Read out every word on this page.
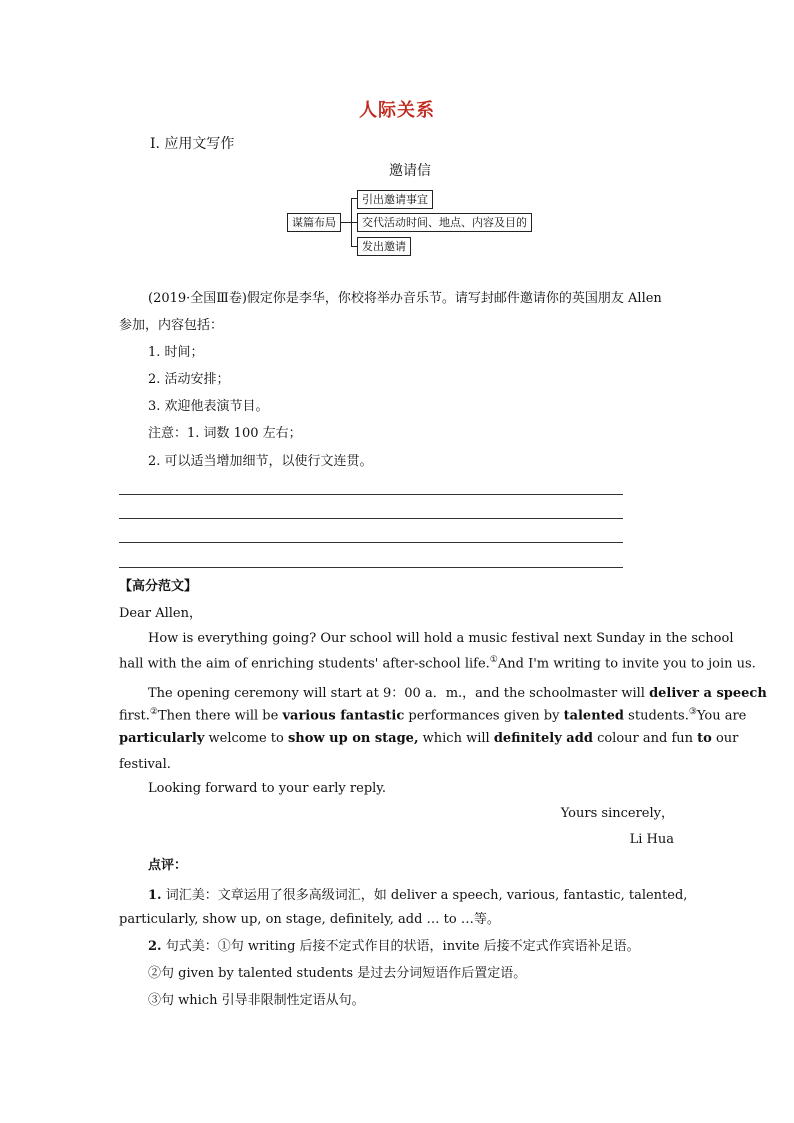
人际关系
Ⅰ. 应用文写作
邀请信
谋篇布局
引出邀请事宜
交代活动时间、地点、内容及目的
发出邀请
(2019·全国Ⅲ卷)假定你是李华，你校将举办音乐节。请写封邮件邀请你的英国朋友 Allen
参加，内容包括：
1. 时间；
2. 活动安排；
3. 欢迎他表演节目。
注意：1. 词数 100 左右；
2. 可以适当增加细节，以使行文连贯。
【高分范文】
Dear Allen，
How is everything going? Our school will hold a music festival next Sunday in the school
hall with the aim of enriching students' after-school life.①And I'm writing to invite you to join us.
The opening ceremony will start at 9：00 a．m.，and the schoolmaster will deliver a speech
first.②Then there will be various fantastic performances given by talented students.③You are
particularly welcome to show up on stage, which will definitely add colour and fun to our
festival.
Looking forward to your early reply.
Yours sincerely，
Li Hua
点评：
1. 词汇美：文章运用了很多高级词汇，如 deliver a speech, various, fantastic, talented,
particularly, show up, on stage, definitely, add … to …等。
2. 句式美：①句 writing 后接不定式作目的状语，invite 后接不定式作宾语补足语。
②句 given by talented students 是过去分词短语作后置定语。
③句 which 引导非限制性定语从句。
